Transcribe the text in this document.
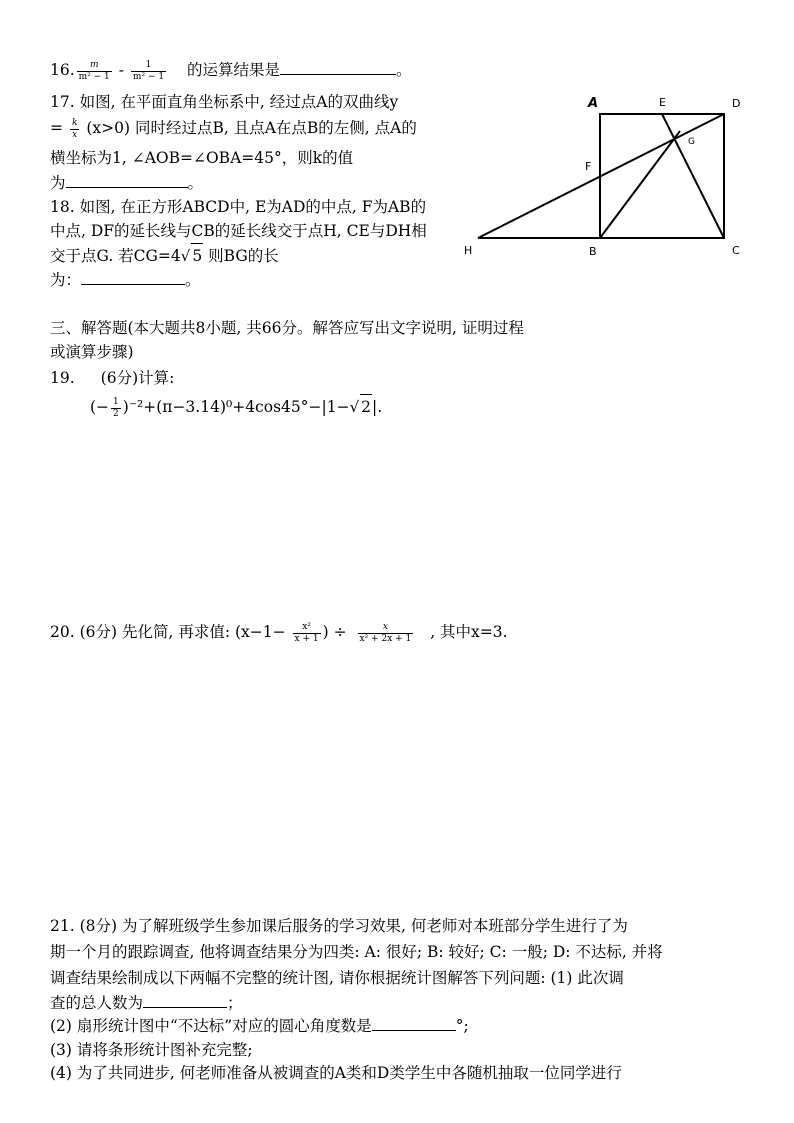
16. $\frac{m}{\text{m² − 1}} - \frac{1}{\text{m² − 1}}$ 的运算结果是	。
17. 如图, 在平面直角坐标系中, 经过点A的双曲线y
= $\frac{k}{x} (x>0)$ 同时经过点B, 且点A在点B的左侧, 点A的
横坐标为1, ∠AOB=∠OBA=45°，则k的值
为	。
18. 如图, 在正方形ABCD中, E为AD的中点, F为AB的
中点, DF的延长线与CB的延长线交于点H, CE与DH相
交于点G. 若CG=4√ 5 则BG的长
为：	。
A	E	D
F
G
H	B	C
三、解答题(本大题共8小题, 共66分。解答应写出文字说明, 证明过程
或演算步骤)
19. (6分)计算:
(− $\frac{1}{2} )^{-2}+(\pi-3.14)^0+4\cos 45^\circ-|1-√$ 2|.
20. (6分) 先化简, 再求值: ($x-1- \frac{\text{x²}}{x + 1}$ ) ÷ $\frac{x}{\text{x² + 2x + 1}}$ , 其中x=3.
21. (8分) 为了解班级学生参加课后服务的学习效果, 何老师对本班部分学生进行了为
期一个月的跟踪调查, 他将调查结果分为四类: A: 很好; B: 较好; C: 一般; D: 不达标, 并将
调查结果绘制成以下两幅不完整的统计图, 请你根据统计图解答下列问题: (1) 此次调
查的总人数为	；
(2) 扇形统计图中“不达标”对应的圆心角度数是	°;
(3) 请将条形统计图补充完整;
(4) 为了共同进步, 何老师准备从被调查的A类和D类学生中各随机抽取一位同学进行
